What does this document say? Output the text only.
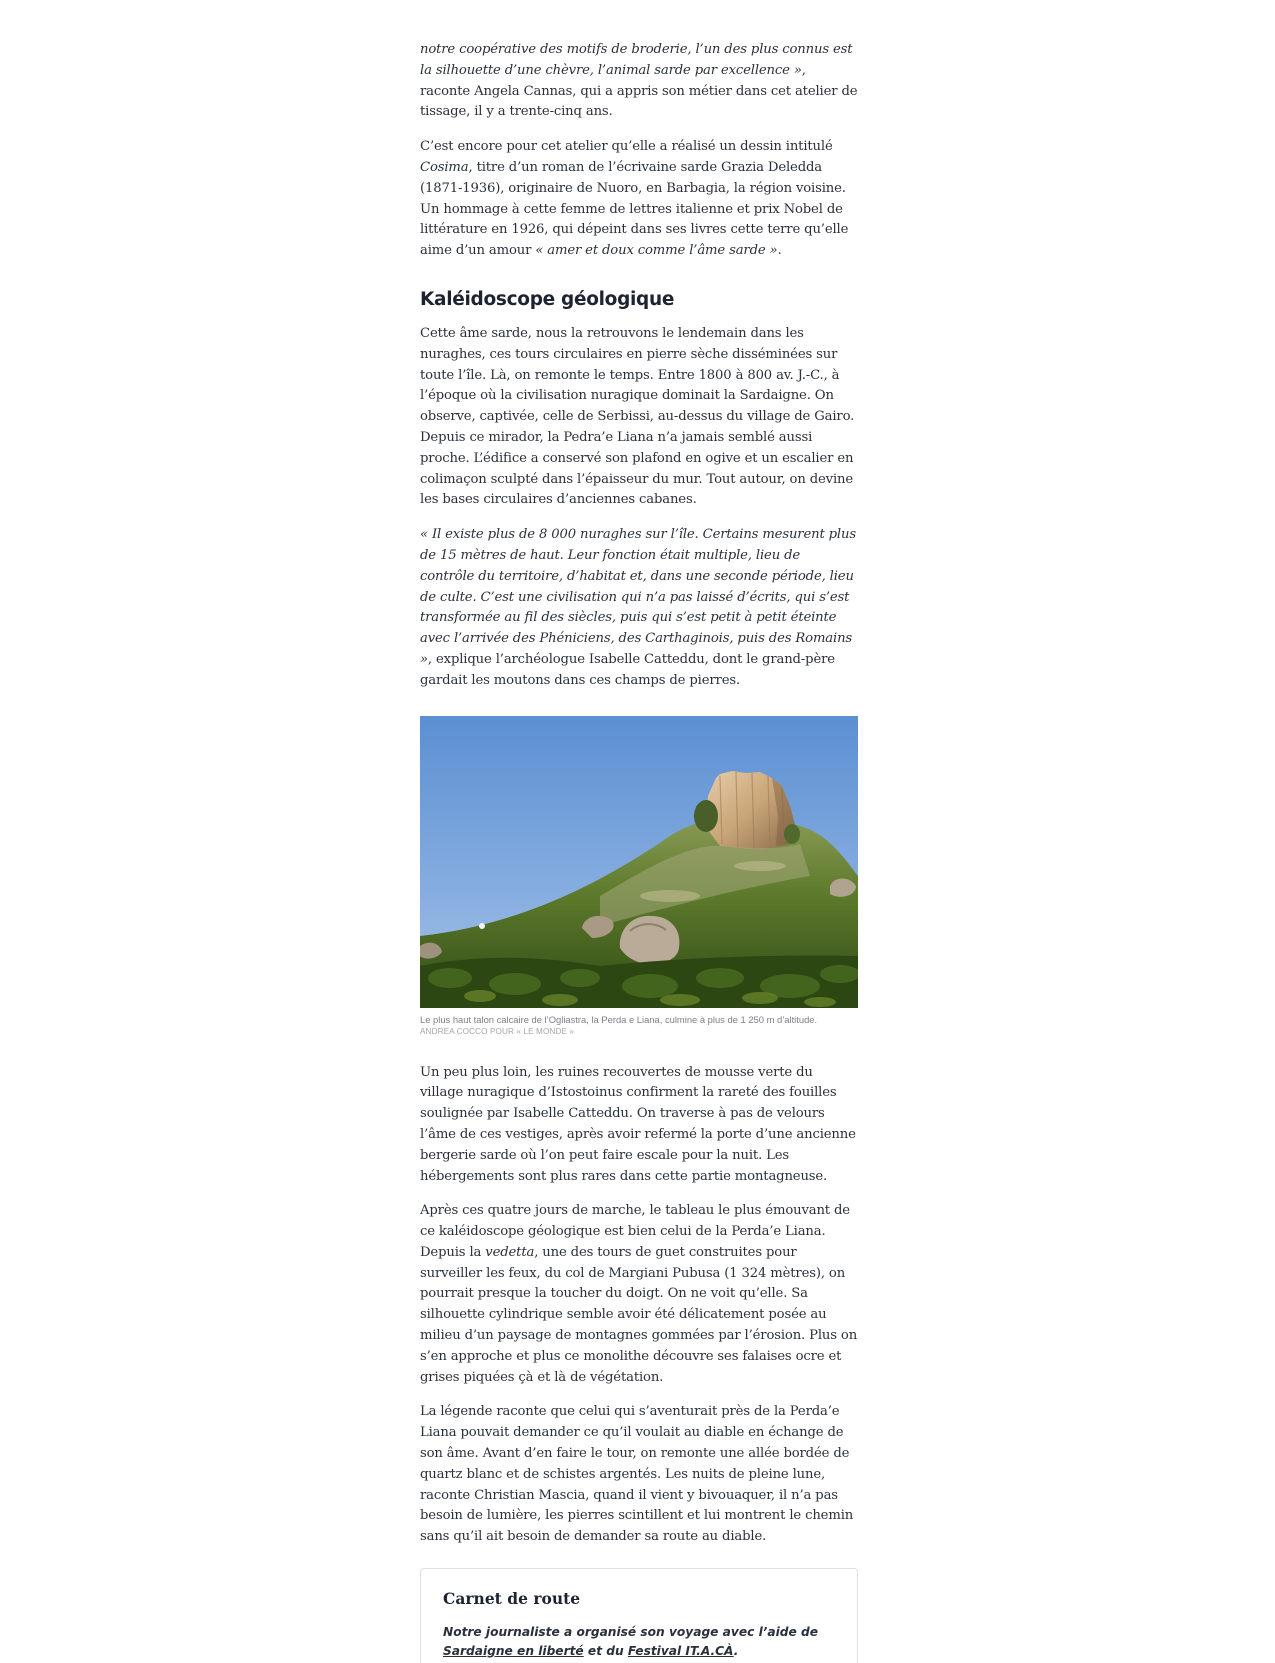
notre coopérative des motifs de broderie, l’un des plus connus est la silhouette d’une chèvre, l’animal sarde par excellence », raconte Angela Cannas, qui a appris son métier dans cet atelier de tissage, il y a trente-cinq ans.

C’est encore pour cet atelier qu’elle a réalisé un dessin intitulé Cosima, titre d’un roman de l’écrivaine sarde Grazia Deledda (1871-1936), originaire de Nuoro, en Barbagia, la région voisine. Un hommage à cette femme de lettres italienne et prix Nobel de littérature en 1926, qui dépeint dans ses livres cette terre qu’elle aime d’un amour « amer et doux comme l’âme sarde ».

Kaléidoscope géologique

Cette âme sarde, nous la retrouvons le lendemain dans les nuraghes, ces tours circulaires en pierre sèche disséminées sur toute l’île. Là, on remonte le temps. Entre 1800 à 800 av. J.-C., à l’époque où la civilisation nuragique dominait la Sardaigne. On observe, captivée, celle de Serbissi, au-dessus du village de Gairo. Depuis ce mirador, la Pedra’e Liana n’a jamais semblé aussi proche. L’édifice a conservé son plafond en ogive et un escalier en colimaçon sculpté dans l’épaisseur du mur. Tout autour, on devine les bases circulaires d’anciennes cabanes.

« Il existe plus de 8 000 nuraghes sur l’île. Certains mesurent plus de 15 mètres de haut. Leur fonction était multiple, lieu de contrôle du territoire, d’habitat et, dans une seconde période, lieu de culte. C’est une civilisation qui n’a pas laissé d’écrits, qui s’est transformée au fil des siècles, puis qui s’est petit à petit éteinte avec l’arrivée des Phéniciens, des Carthaginois, puis des Romains », explique l’archéologue Isabelle Catteddu, dont le grand-père gardait les moutons dans ces champs de pierres.

Le plus haut talon calcaire de l’Ogliastra, la Perda e Liana, culmine à plus de 1 250 m d’altitude.
ANDREA COCCO POUR « LE MONDE »

Un peu plus loin, les ruines recouvertes de mousse verte du village nuragique d’Istostoinus confirment la rareté des fouilles soulignée par Isabelle Catteddu. On traverse à pas de velours l’âme de ces vestiges, après avoir refermé la porte d’une ancienne bergerie sarde où l’on peut faire escale pour la nuit. Les hébergements sont plus rares dans cette partie montagneuse.

Après ces quatre jours de marche, le tableau le plus émouvant de ce kaléidoscope géologique est bien celui de la Perda’e Liana. Depuis la vedetta, une des tours de guet construites pour surveiller les feux, du col de Margiani Pubusa (1 324 mètres), on pourrait presque la toucher du doigt. On ne voit qu’elle. Sa silhouette cylindrique semble avoir été délicatement posée au milieu d’un paysage de montagnes gommées par l’érosion. Plus on s’en approche et plus ce monolithe découvre ses falaises ocre et grises piquées çà et là de végétation.

La légende raconte que celui qui s’aventurait près de la Perda’e Liana pouvait demander ce qu’il voulait au diable en échange de son âme. Avant d’en faire le tour, on remonte une allée bordée de quartz blanc et de schistes argentés. Les nuits de pleine lune, raconte Christian Mascia, quand il vient y bivouaquer, il n’a pas besoin de lumière, les pierres scintillent et lui montrent le chemin sans qu’il ait besoin de demander sa route au diable.

Carnet de route

Notre journaliste a organisé son voyage avec l’aide de Sardaigne en liberté et du Festival IT.A.CÀ.
